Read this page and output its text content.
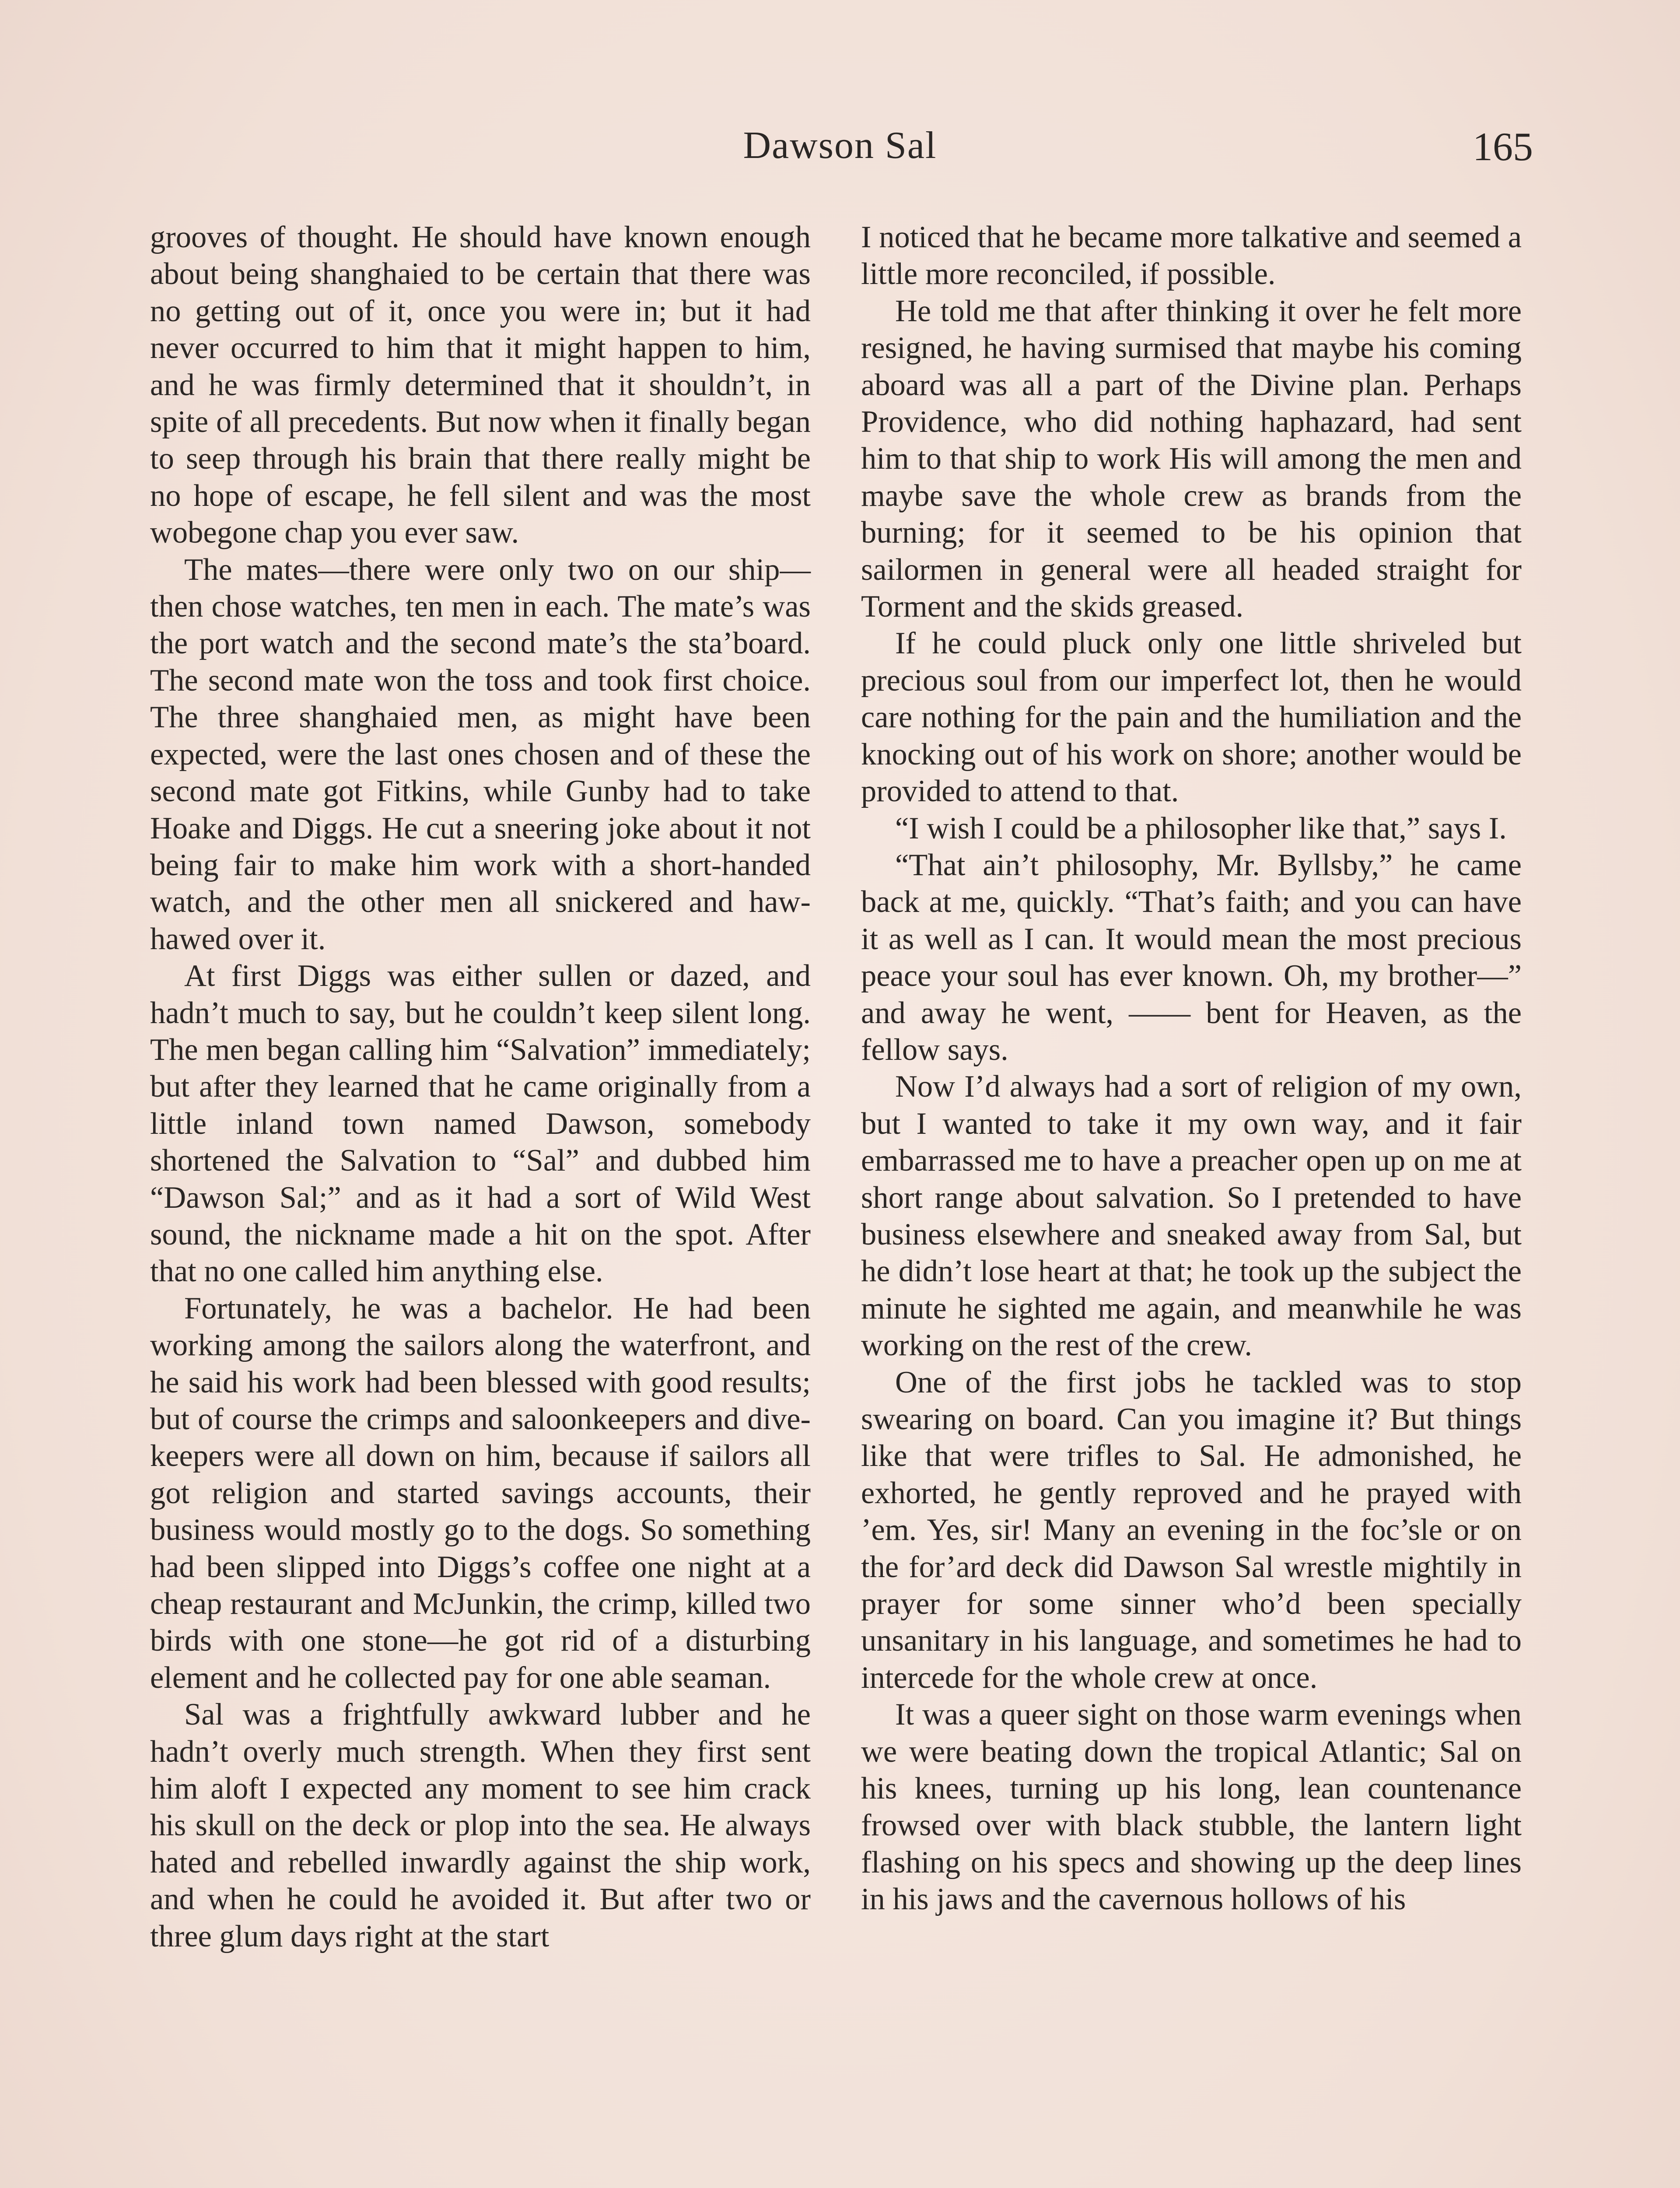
Dawson Sal	165

grooves of thought. He should have known enough about being shanghaied to be certain that there was no getting out of it, once you were in; but it had never occurred to him that it might happen to him, and he was firmly determined that it shouldn’t, in spite of all precedents. But now when it finally began to seep through his brain that there really might be no hope of escape, he fell silent and was the most wobegone chap you ever saw.

The mates—there were only two on our ship—then chose watches, ten men in each. The mate’s was the port watch and the second mate’s the sta’board. The second mate won the toss and took first choice. The three shanghaied men, as might have been expected, were the last ones chosen and of these the second mate got Fitkins, while Gunby had to take Hoake and Diggs. He cut a sneering joke about it not being fair to make him work with a short-handed watch, and the other men all snickered and haw-hawed over it.

At first Diggs was either sullen or dazed, and hadn’t much to say, but he couldn’t keep silent long. The men began calling him “Salvation” immediately; but after they learned that he came originally from a little inland town named Dawson, somebody shortened the Salvation to “Sal” and dubbed him “Dawson Sal;” and as it had a sort of Wild West sound, the nickname made a hit on the spot. After that no one called him anything else.

Fortunately, he was a bachelor. He had been working among the sailors along the waterfront, and he said his work had been blessed with good results; but of course the crimps and saloonkeepers and dive-keepers were all down on him, because if sailors all got religion and started savings accounts, their business would mostly go to the dogs. So something had been slipped into Diggs’s coffee one night at a cheap restaurant and McJunkin, the crimp, killed two birds with one stone—he got rid of a disturbing element and he collected pay for one able seaman.

Sal was a frightfully awkward lubber and he hadn’t overly much strength. When they first sent him aloft I expected any moment to see him crack his skull on the deck or plop into the sea. He always hated and rebelled inwardly against the ship work, and when he could he avoided it. But after two or three glum days right at the start

I noticed that he became more talkative and seemed a little more reconciled, if possible.

He told me that after thinking it over he felt more resigned, he having surmised that maybe his coming aboard was all a part of the Divine plan. Perhaps Providence, who did nothing haphazard, had sent him to that ship to work His will among the men and maybe save the whole crew as brands from the burning; for it seemed to be his opinion that sailormen in general were all headed straight for Torment and the skids greased.

If he could pluck only one little shriveled but precious soul from our imperfect lot, then he would care nothing for the pain and the humiliation and the knocking out of his work on shore; another would be provided to attend to that.

“I wish I could be a philosopher like that,” says I.

“That ain’t philosophy, Mr. Byllsby,” he came back at me, quickly. “That’s faith; and you can have it as well as I can. It would mean the most precious peace your soul has ever known. Oh, my brother—” and away he went, —— bent for Heaven, as the fellow says.

Now I’d always had a sort of religion of my own, but I wanted to take it my own way, and it fair embarrassed me to have a preacher open up on me at short range about salvation. So I pretended to have business elsewhere and sneaked away from Sal, but he didn’t lose heart at that; he took up the subject the minute he sighted me again, and meanwhile he was working on the rest of the crew.

One of the first jobs he tackled was to stop swearing on board. Can you imagine it? But things like that were trifles to Sal. He admonished, he exhorted, he gently reproved and he prayed with ’em. Yes, sir! Many an evening in the foc’sle or on the for’ard deck did Dawson Sal wrestle mightily in prayer for some sinner who’d been specially unsanitary in his language, and sometimes he had to intercede for the whole crew at once.

It was a queer sight on those warm evenings when we were beating down the tropical Atlantic; Sal on his knees, turning up his long, lean countenance frowsed over with black stubble, the lantern light flashing on his specs and showing up the deep lines in his jaws and the cavernous hollows of his
